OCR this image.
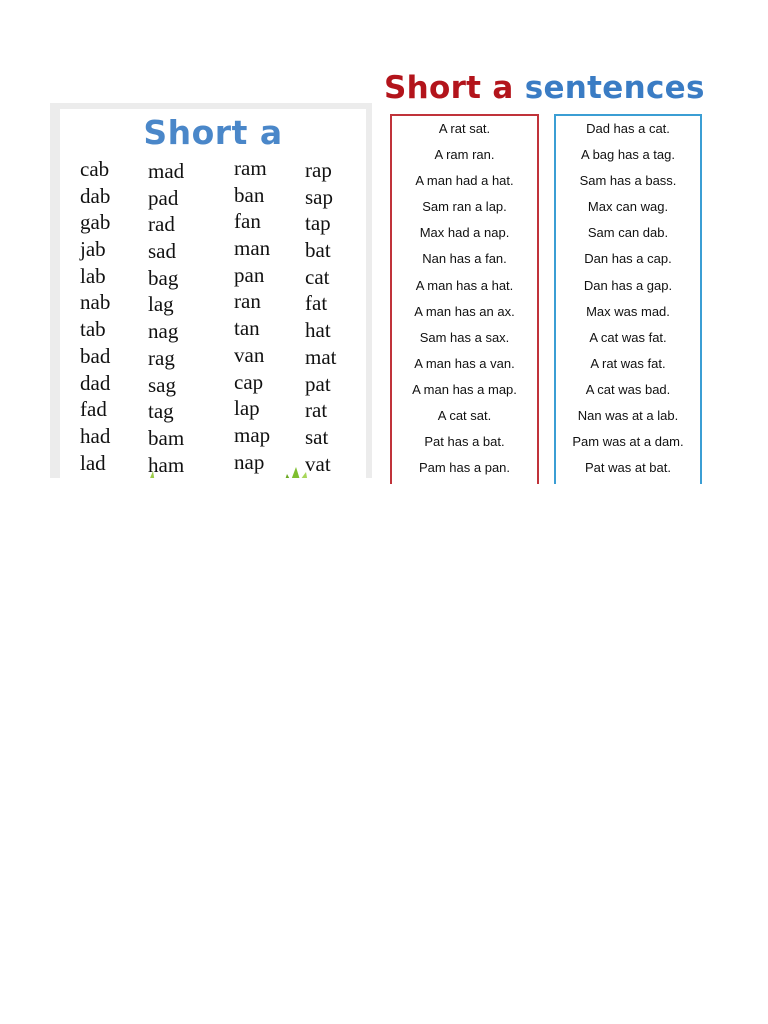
Short a
cab
dab
gab
jab
lab
nab
tab
bad
dad
fad
had
lad
mad
pad
rad
sad
bag
lag
nag
rag
sag
tag
bam
ham
ram
ban
fan
man
pan
ran
tan
van
cap
lap
map
nap
rap
sap
tap
bat
cat
fat
hat
mat
pat
rat
sat
vat
Short a sentences
A rat sat.
A ram ran.
A man had a hat.
Sam ran a lap.
Max had a nap.
Nan has a fan.
A man has a hat.
A man has an ax.
Sam has a sax.
A man has a van.
A man has a map.
A cat sat.
Pat has a bat.
Pam has a pan.
Dad has a cat.
A bag has a tag.
Sam has a bass.
Max can wag.
Sam can dab.
Dan has a cap.
Dan has a gap.
Max was mad.
A cat was fat.
A rat was fat.
A cat was bad.
Nan was at a lab.
Pam was at a dam.
Pat was at bat.
